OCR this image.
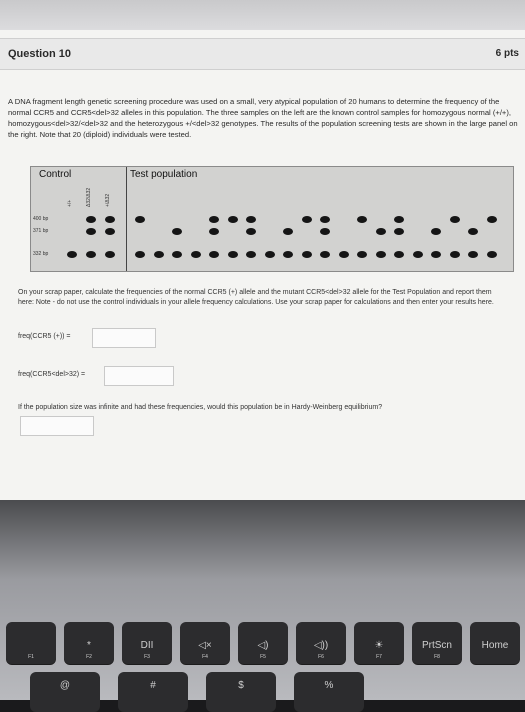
Question 10	6 pts
A DNA fragment length genetic screening procedure was used on a small, very atypical population of 20 humans to determine the frequency of the normal CCR5 and CCR5<del>32 alleles in this population. The three samples on the left are the known control samples for homozygous normal (+/+), homozygous<del>32/<del>32 and the heterozygous +/<del>32 genotypes. The results of the population screening tests are shown in the large panel on the right. Note that 20 (diploid) individuals were tested.
Control
+/+	Δ32/Δ32	+/Δ32
400 bp
371 bp
332 bp
Test population
On your scrap paper, calculate the frequencies of the normal CCR5 (+) allele and the mutant CCR5<del>32 allele for the Test Population and report them here: Note - do not use the control individuals in your allele frequency calculations. Use your scrap paper for calculations and then enter your results here.
freq(CCR5 (+)) =
freq(CCR5<del>32) =
If the population size was infinite and had these frequencies, would this population be in Hardy-Weinberg equilibrium?
F1
*
F2
DII
F3
◁×
F4
◁)
F5
◁))
F6
☀
F7
PrtScn
F8
Home
@	#	$	%
